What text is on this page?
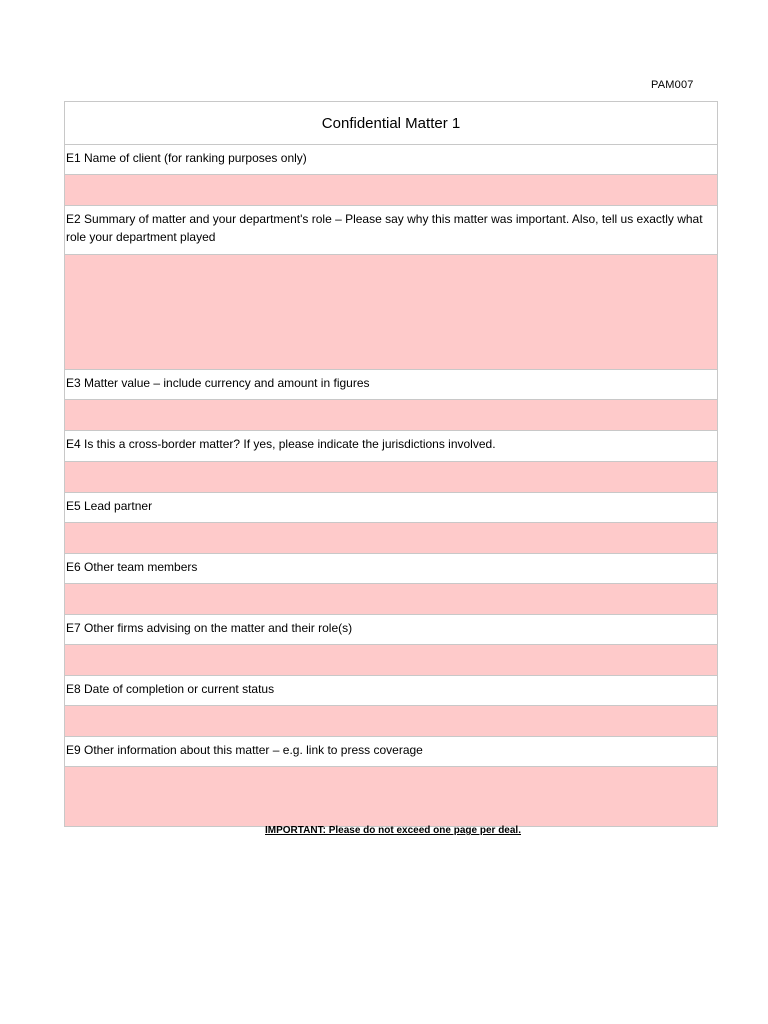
PAM007
Confidential Matter 1
E1 Name of client (for ranking purposes only)
E2 Summary of matter and your department's role – Please say why this matter was important. Also, tell us exactly what role your department played
E3 Matter value – include currency and amount in figures
E4 Is this a cross-border matter? If yes, please indicate the jurisdictions involved.
E5 Lead partner
E6 Other team members
E7 Other firms advising on the matter and their role(s)
E8 Date of completion or current status
E9 Other information about this matter – e.g. link to press coverage
IMPORTANT: Please do not exceed one page per deal.
